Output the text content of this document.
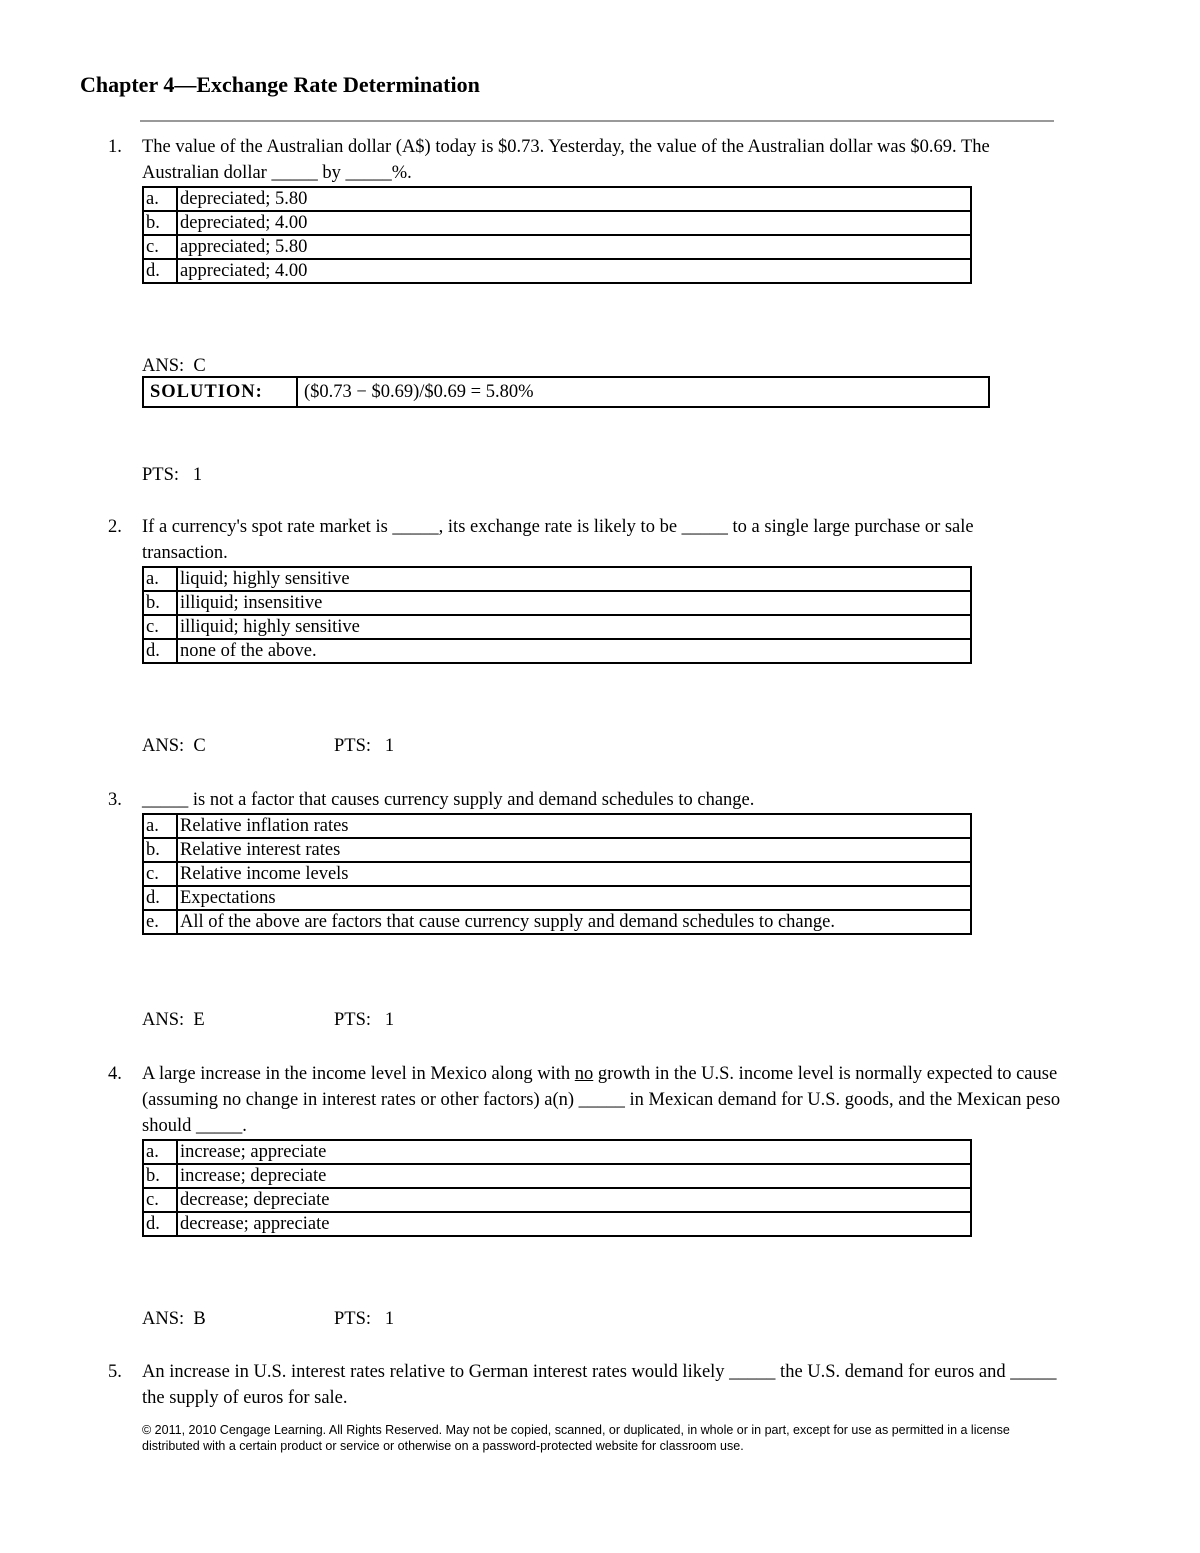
Chapter 4—Exchange Rate Determination
1. The value of the Australian dollar (A$) today is $0.73. Yesterday, the value of the Australian dollar was $0.69. The Australian dollar _____ by _____%.
a.	depreciated; 5.80
b.	depreciated; 4.00
c.	appreciated; 5.80
d.	appreciated; 4.00
ANS:  C
SOLUTION:	($0.73 − $0.69)/$0.69 = 5.80%
PTS:   1
2. If a currency's spot rate market is _____, its exchange rate is likely to be _____ to a single large purchase or sale transaction.
a.	liquid; highly sensitive
b.	illiquid; insensitive
c.	illiquid; highly sensitive
d.	none of the above.
ANS:  C	PTS:   1
3. _____ is not a factor that causes currency supply and demand schedules to change.
a.	Relative inflation rates
b.	Relative interest rates
c.	Relative income levels
d.	Expectations
e.	All of the above are factors that cause currency supply and demand schedules to change.
ANS:  E	PTS:   1
4. A large increase in the income level in Mexico along with no growth in the U.S. income level is normally expected to cause (assuming no change in interest rates or other factors) a(n) _____ in Mexican demand for U.S. goods, and the Mexican peso should _____.
a.	increase; appreciate
b.	increase; depreciate
c.	decrease; depreciate
d.	decrease; appreciate
ANS:  B	PTS:   1
5. An increase in U.S. interest rates relative to German interest rates would likely _____ the U.S. demand for euros and _____ the supply of euros for sale.
© 2011, 2010 Cengage Learning. All Rights Reserved. May not be copied, scanned, or duplicated, in whole or in part, except for use as permitted in a license distributed with a certain product or service or otherwise on a password-protected website for classroom use.
